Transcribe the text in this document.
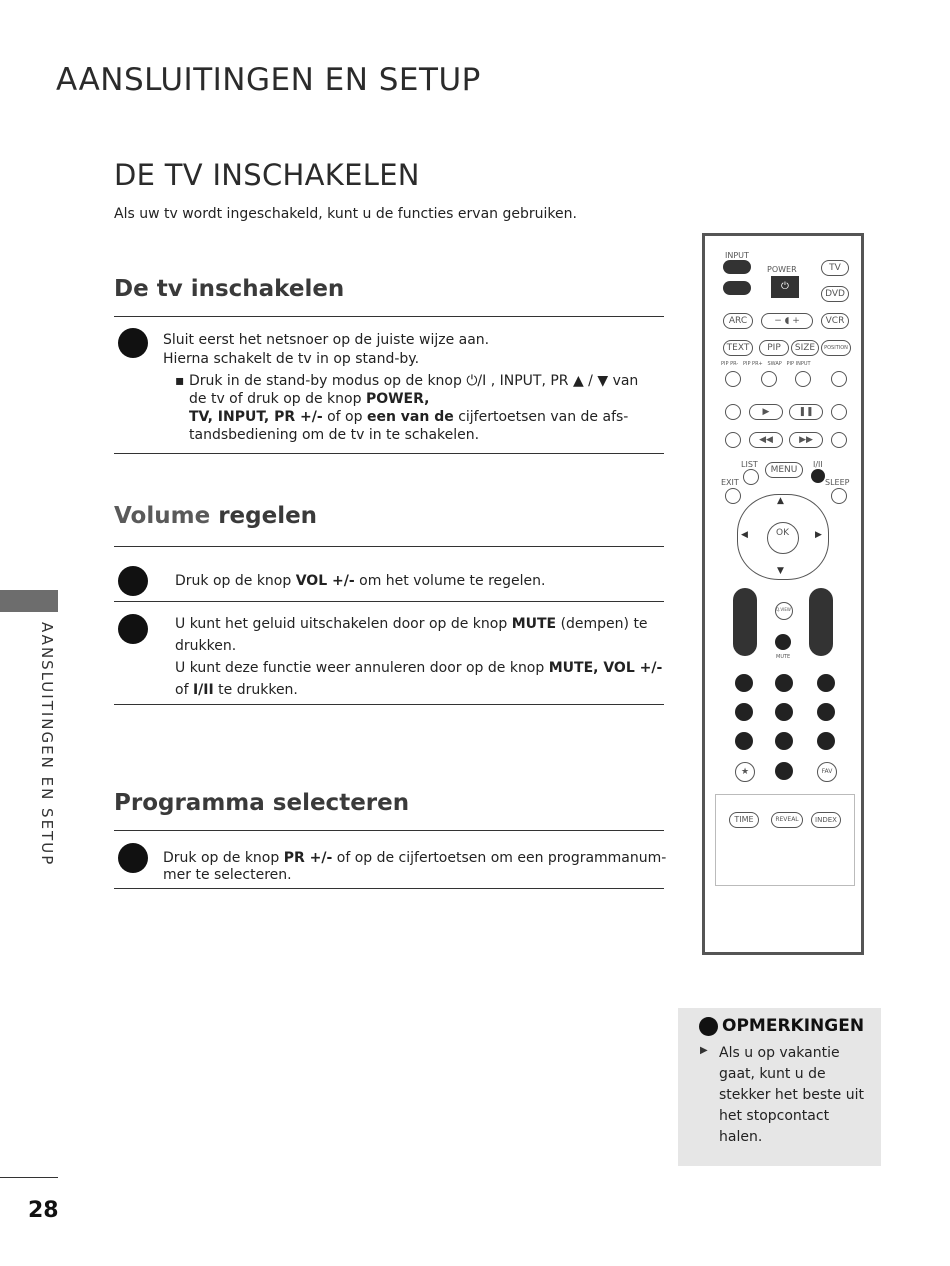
AANSLUITINGEN EN SETUP
DE TV INSCHAKELEN
Als uw tv wordt ingeschakeld, kunt u de functies ervan gebruiken.
De tv inschakelen
Sluit eerst het netsnoer op de juiste wijze aan.
Hierna schakelt de tv in op stand-by.
▪ Druk in de stand-by modus op de knop ⏻/I , INPUT, PR ▲ / ▼ van
de tv of druk op de knop POWER,
TV, INPUT, PR +/- of op een van de cijfertoetsen van de afs-
tandsbediening om de tv in te schakelen.
Volume regelen
Druk op de knop VOL +/- om het volume te regelen.
U kunt het geluid uitschakelen door op de knop MUTE (dempen) te
drukken.
U kunt deze functie weer annuleren door op de knop MUTE, VOL +/-
of I/II te drukken.
Programma selecteren
Druk op de knop PR +/- of op de cijfertoetsen om een programmanum-
mer te selecteren.
AANSLUITINGEN EN SETUP
28
INPUT
POWER
⏻
TV
DVD
ARC	− ◖ +	VCR
TEXT	PIP	SIZE	POSITION
PIP PR-   PIP PR+   SWAP   PIP INPUT
▶	❚❚
◀◀	▶▶
LIST
MENU
I/II
EXIT	SLEEP
▲
▼
◀	▶
OK
Q.VIEW
MUTE
★	FAV
TIME	REVEAL	INDEX
OPMERKINGEN
▶ Als u op vakantie gaat, kunt u de stekker het beste uit het stopcontact halen.
